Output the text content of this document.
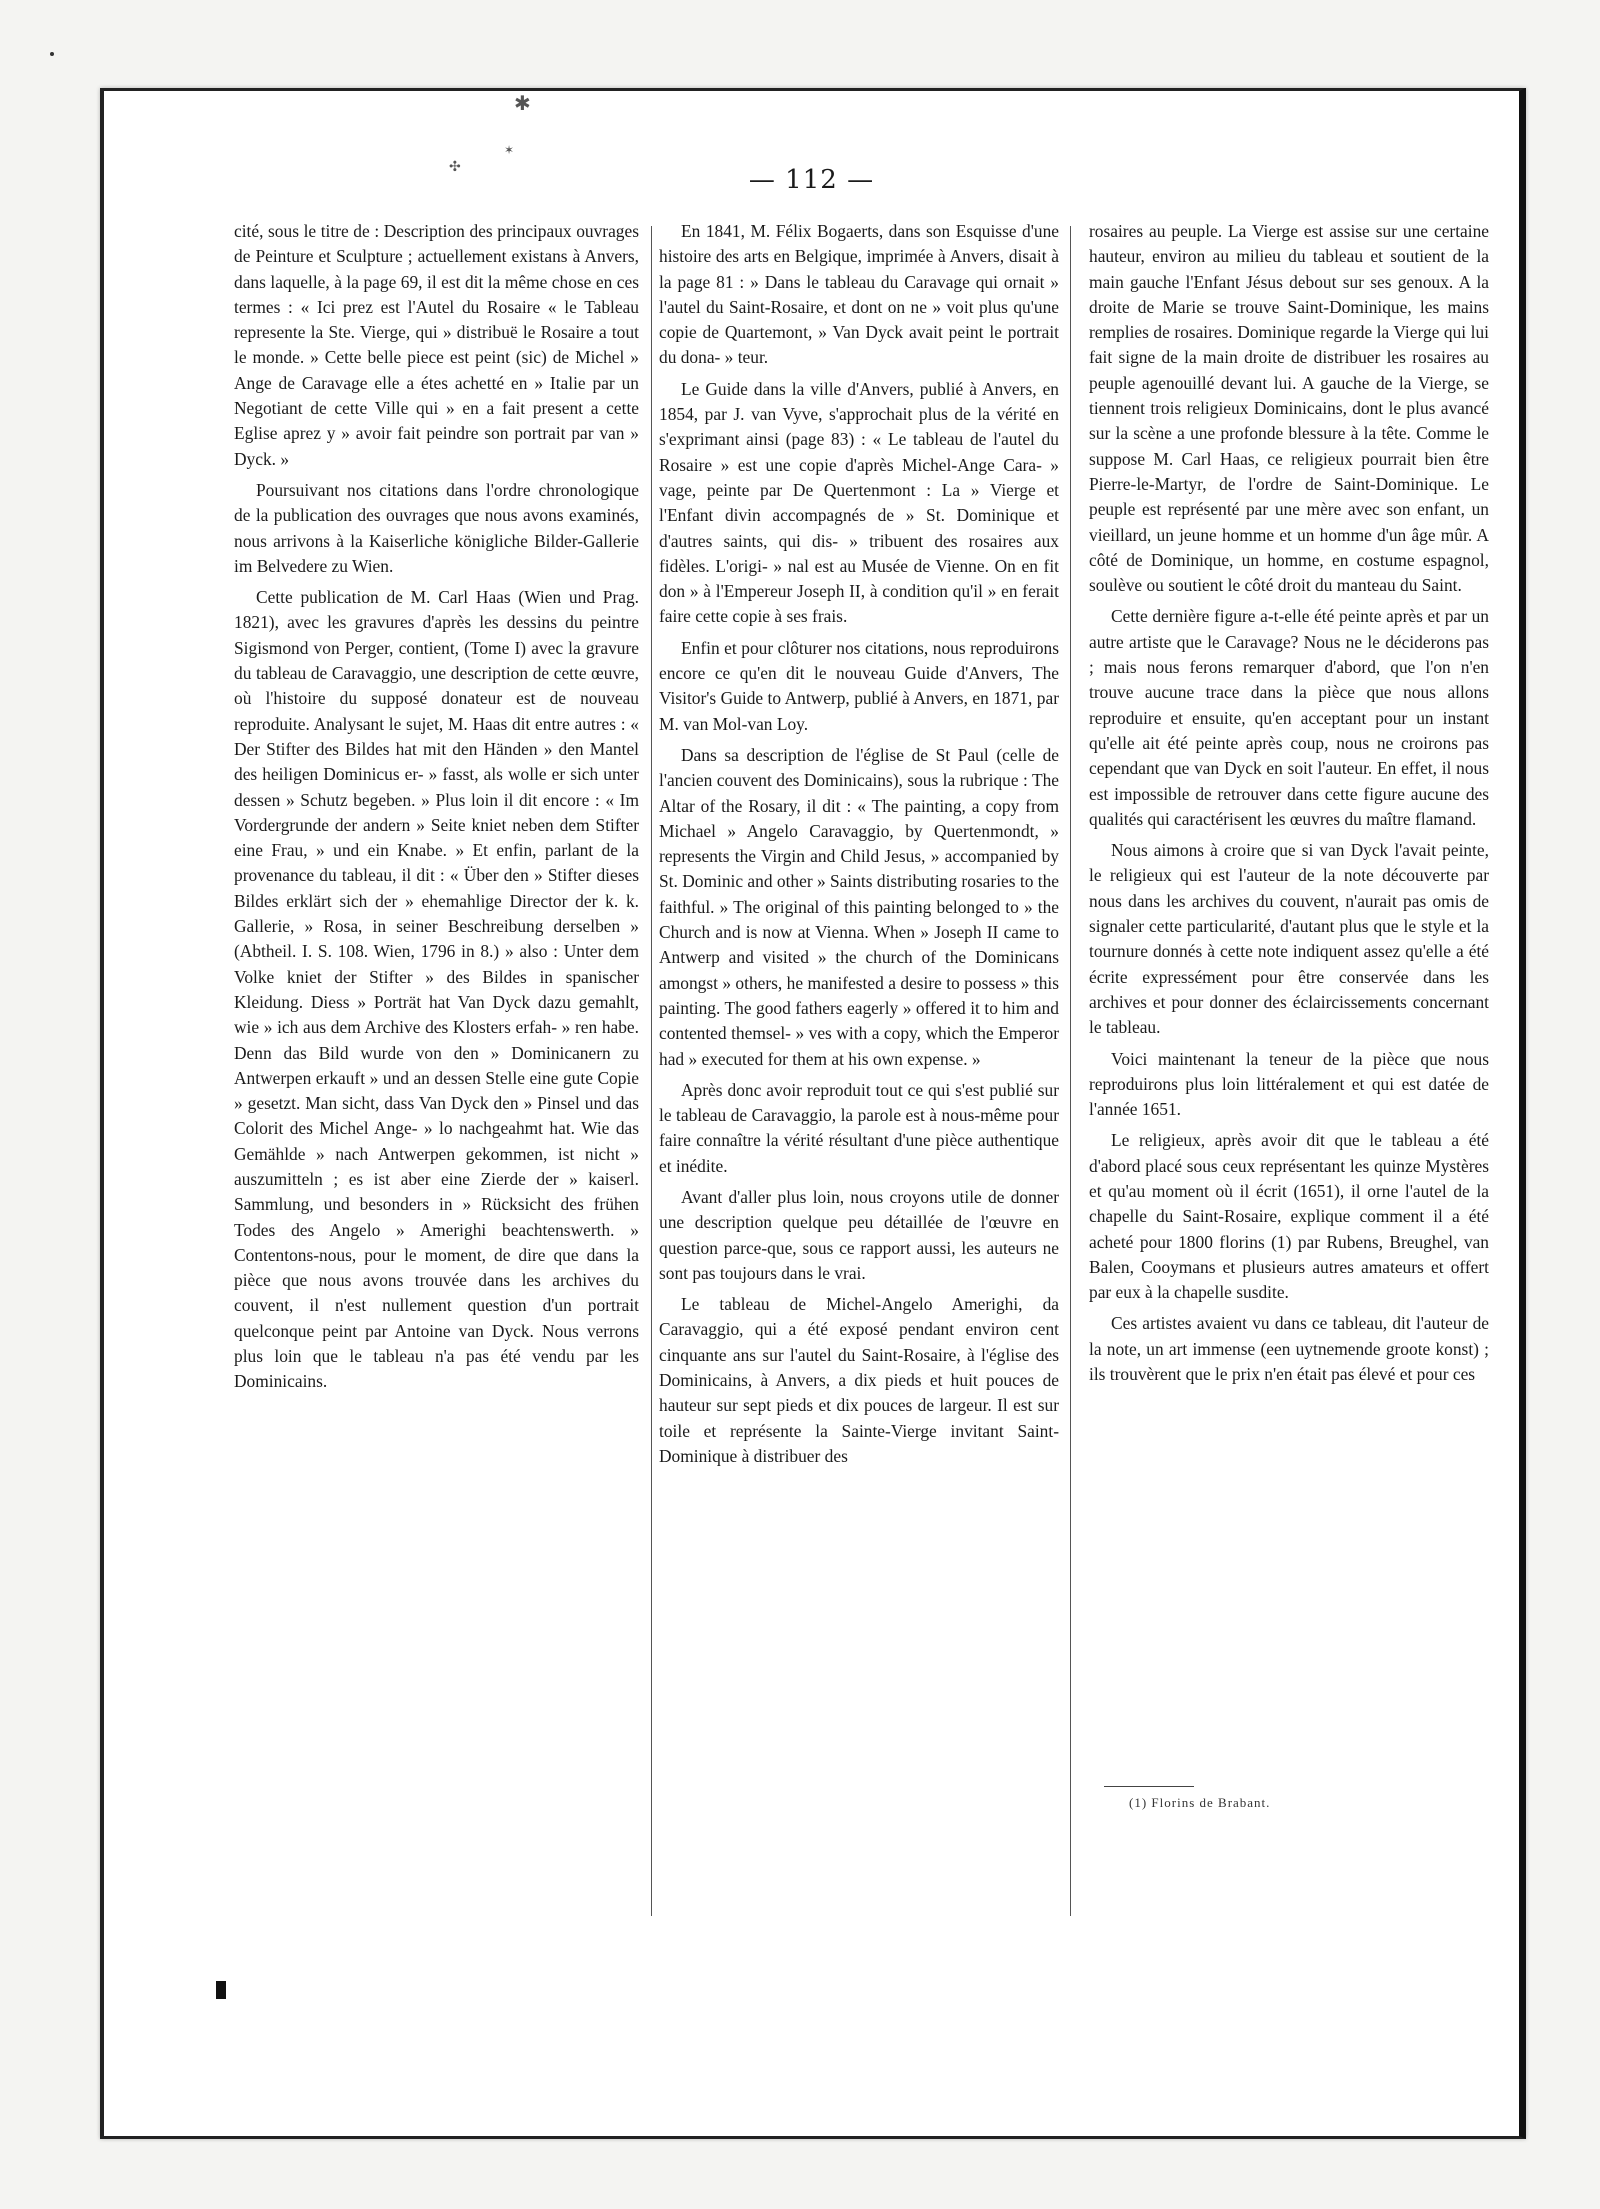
✱
✣
✶
— 112 —

cité, sous le titre de : Description des principaux ouvrages de Peinture et Sculpture ; actuellement existans à Anvers, dans laquelle, à la page 69, il est dit la même chose en ces termes : « Ici prez est l'Autel du Rosaire « le Tableau represente la Ste. Vierge, qui » distribuë le Rosaire a tout le monde. » Cette belle piece est peint (sic) de Michel » Ange de Caravage elle a étes achetté en » Italie par un Negotiant de cette Ville qui » en a fait present a cette Eglise aprez y » avoir fait peindre son portrait par van » Dyck. »

Poursuivant nos citations dans l'ordre chronologique de la publication des ouvrages que nous avons examinés, nous arrivons à la Kaiserliche königliche Bilder-Gallerie im Belvedere zu Wien.

Cette publication de M. Carl Haas (Wien und Prag. 1821), avec les gravures d'après les dessins du peintre Sigismond von Perger, contient, (Tome I) avec la gravure du tableau de Caravaggio, une description de cette œuvre, où l'histoire du supposé donateur est de nouveau reproduite. Analysant le sujet, M. Haas dit entre autres : « Der Stifter des Bildes hat mit den Händen » den Mantel des heiligen Dominicus er- » fasst, als wolle er sich unter dessen » Schutz begeben. » Plus loin il dit encore : « Im Vordergrunde der andern » Seite kniet neben dem Stifter eine Frau, » und ein Knabe. » Et enfin, parlant de la provenance du tableau, il dit : « Über den » Stifter dieses Bildes erklärt sich der » ehemahlige Director der k. k. Gallerie, » Rosa, in seiner Beschreibung derselben » (Abtheil. I. S. 108. Wien, 1796 in 8.) » also : Unter dem Volke kniet der Stifter » des Bildes in spanischer Kleidung. Diess » Porträt hat Van Dyck dazu gemahlt, wie » ich aus dem Archive des Klosters erfah- » ren habe. Denn das Bild wurde von den » Dominicanern zu Antwerpen erkauft » und an dessen Stelle eine gute Copie » gesetzt. Man sicht, dass Van Dyck den » Pinsel und das Colorit des Michel Ange- » lo nachgeahmt hat. Wie das Gemählde » nach Antwerpen gekommen, ist nicht » auszumitteln ; es ist aber eine Zierde der » kaiserl. Sammlung, und besonders in » Rücksicht des frühen Todes des Angelo » Amerighi beachtenswerth. » Contentons-nous, pour le moment, de dire que dans la pièce que nous avons trouvée dans les archives du couvent, il n'est nullement question d'un portrait quelconque peint par Antoine van Dyck. Nous verrons plus loin que le tableau n'a pas été vendu par les Dominicains.

En 1841, M. Félix Bogaerts, dans son Esquisse d'une histoire des arts en Belgique, imprimée à Anvers, disait à la page 81 : » Dans le tableau du Caravage qui ornait » l'autel du Saint-Rosaire, et dont on ne » voit plus qu'une copie de Quartemont, » Van Dyck avait peint le portrait du dona- » teur.

Le Guide dans la ville d'Anvers, publié à Anvers, en 1854, par J. van Vyve, s'approchait plus de la vérité en s'exprimant ainsi (page 83) : « Le tableau de l'autel du Rosaire » est une copie d'après Michel-Ange Cara- » vage, peinte par De Quertenmont : La » Vierge et l'Enfant divin accompagnés de » St. Dominique et d'autres saints, qui dis- » tribuent des rosaires aux fidèles. L'origi- » nal est au Musée de Vienne. On en fit don » à l'Empereur Joseph II, à condition qu'il » en ferait faire cette copie à ses frais.

Enfin et pour clôturer nos citations, nous reproduirons encore ce qu'en dit le nouveau Guide d'Anvers, The Visitor's Guide to Antwerp, publié à Anvers, en 1871, par M. van Mol-van Loy.

Dans sa description de l'église de St Paul (celle de l'ancien couvent des Dominicains), sous la rubrique : The Altar of the Rosary, il dit : « The painting, a copy from Michael » Angelo Caravaggio, by Quertenmondt, » represents the Virgin and Child Jesus, » accompanied by St. Dominic and other » Saints distributing rosaries to the faithful. » The original of this painting belonged to » the Church and is now at Vienna. When » Joseph II came to Antwerp and visited » the church of the Dominicans amongst » others, he manifested a desire to possess » this painting. The good fathers eagerly » offered it to him and contented themsel- » ves with a copy, which the Emperor had » executed for them at his own expense. »

Après donc avoir reproduit tout ce qui s'est publié sur le tableau de Caravaggio, la parole est à nous-même pour faire connaître la vérité résultant d'une pièce authentique et inédite.

Avant d'aller plus loin, nous croyons utile de donner une description quelque peu détaillée de l'œuvre en question parce-que, sous ce rapport aussi, les auteurs ne sont pas toujours dans le vrai.

Le tableau de Michel-Angelo Amerighi, da Caravaggio, qui a été exposé pendant environ cent cinquante ans sur l'autel du Saint-Rosaire, à l'église des Dominicains, à Anvers, a dix pieds et huit pouces de hauteur sur sept pieds et dix pouces de largeur. Il est sur toile et représente la Sainte-Vierge invitant Saint-Dominique à distribuer des

rosaires au peuple. La Vierge est assise sur une certaine hauteur, environ au milieu du tableau et soutient de la main gauche l'Enfant Jésus debout sur ses genoux. A la droite de Marie se trouve Saint-Dominique, les mains remplies de rosaires. Dominique regarde la Vierge qui lui fait signe de la main droite de distribuer les rosaires au peuple agenouillé devant lui. A gauche de la Vierge, se tiennent trois religieux Dominicains, dont le plus avancé sur la scène a une profonde blessure à la tête. Comme le suppose M. Carl Haas, ce religieux pourrait bien être Pierre-le-Martyr, de l'ordre de Saint-Dominique. Le peuple est représenté par une mère avec son enfant, un vieillard, un jeune homme et un homme d'un âge mûr. A côté de Dominique, un homme, en costume espagnol, soulève ou soutient le côté droit du manteau du Saint.

Cette dernière figure a-t-elle été peinte après et par un autre artiste que le Caravage? Nous ne le déciderons pas ; mais nous ferons remarquer d'abord, que l'on n'en trouve aucune trace dans la pièce que nous allons reproduire et ensuite, qu'en acceptant pour un instant qu'elle ait été peinte après coup, nous ne croirons pas cependant que van Dyck en soit l'auteur. En effet, il nous est impossible de retrouver dans cette figure aucune des qualités qui caractérisent les œuvres du maître flamand.

Nous aimons à croire que si van Dyck l'avait peinte, le religieux qui est l'auteur de la note découverte par nous dans les archives du couvent, n'aurait pas omis de signaler cette particularité, d'autant plus que le style et la tournure donnés à cette note indiquent assez qu'elle a été écrite expressément pour être conservée dans les archives et pour donner des éclaircissements concernant le tableau.

Voici maintenant la teneur de la pièce que nous reproduirons plus loin littéralement et qui est datée de l'année 1651.

Le religieux, après avoir dit que le tableau a été d'abord placé sous ceux représentant les quinze Mystères et qu'au moment où il écrit (1651), il orne l'autel de la chapelle du Saint-Rosaire, explique comment il a été acheté pour 1800 florins (1) par Rubens, Breughel, van Balen, Cooymans et plusieurs autres amateurs et offert par eux à la chapelle susdite.

Ces artistes avaient vu dans ce tableau, dit l'auteur de la note, un art immense (een uytnemende groote konst) ; ils trouvèrent que le prix n'en était pas élevé et pour ces

(1) Florins de Brabant.
